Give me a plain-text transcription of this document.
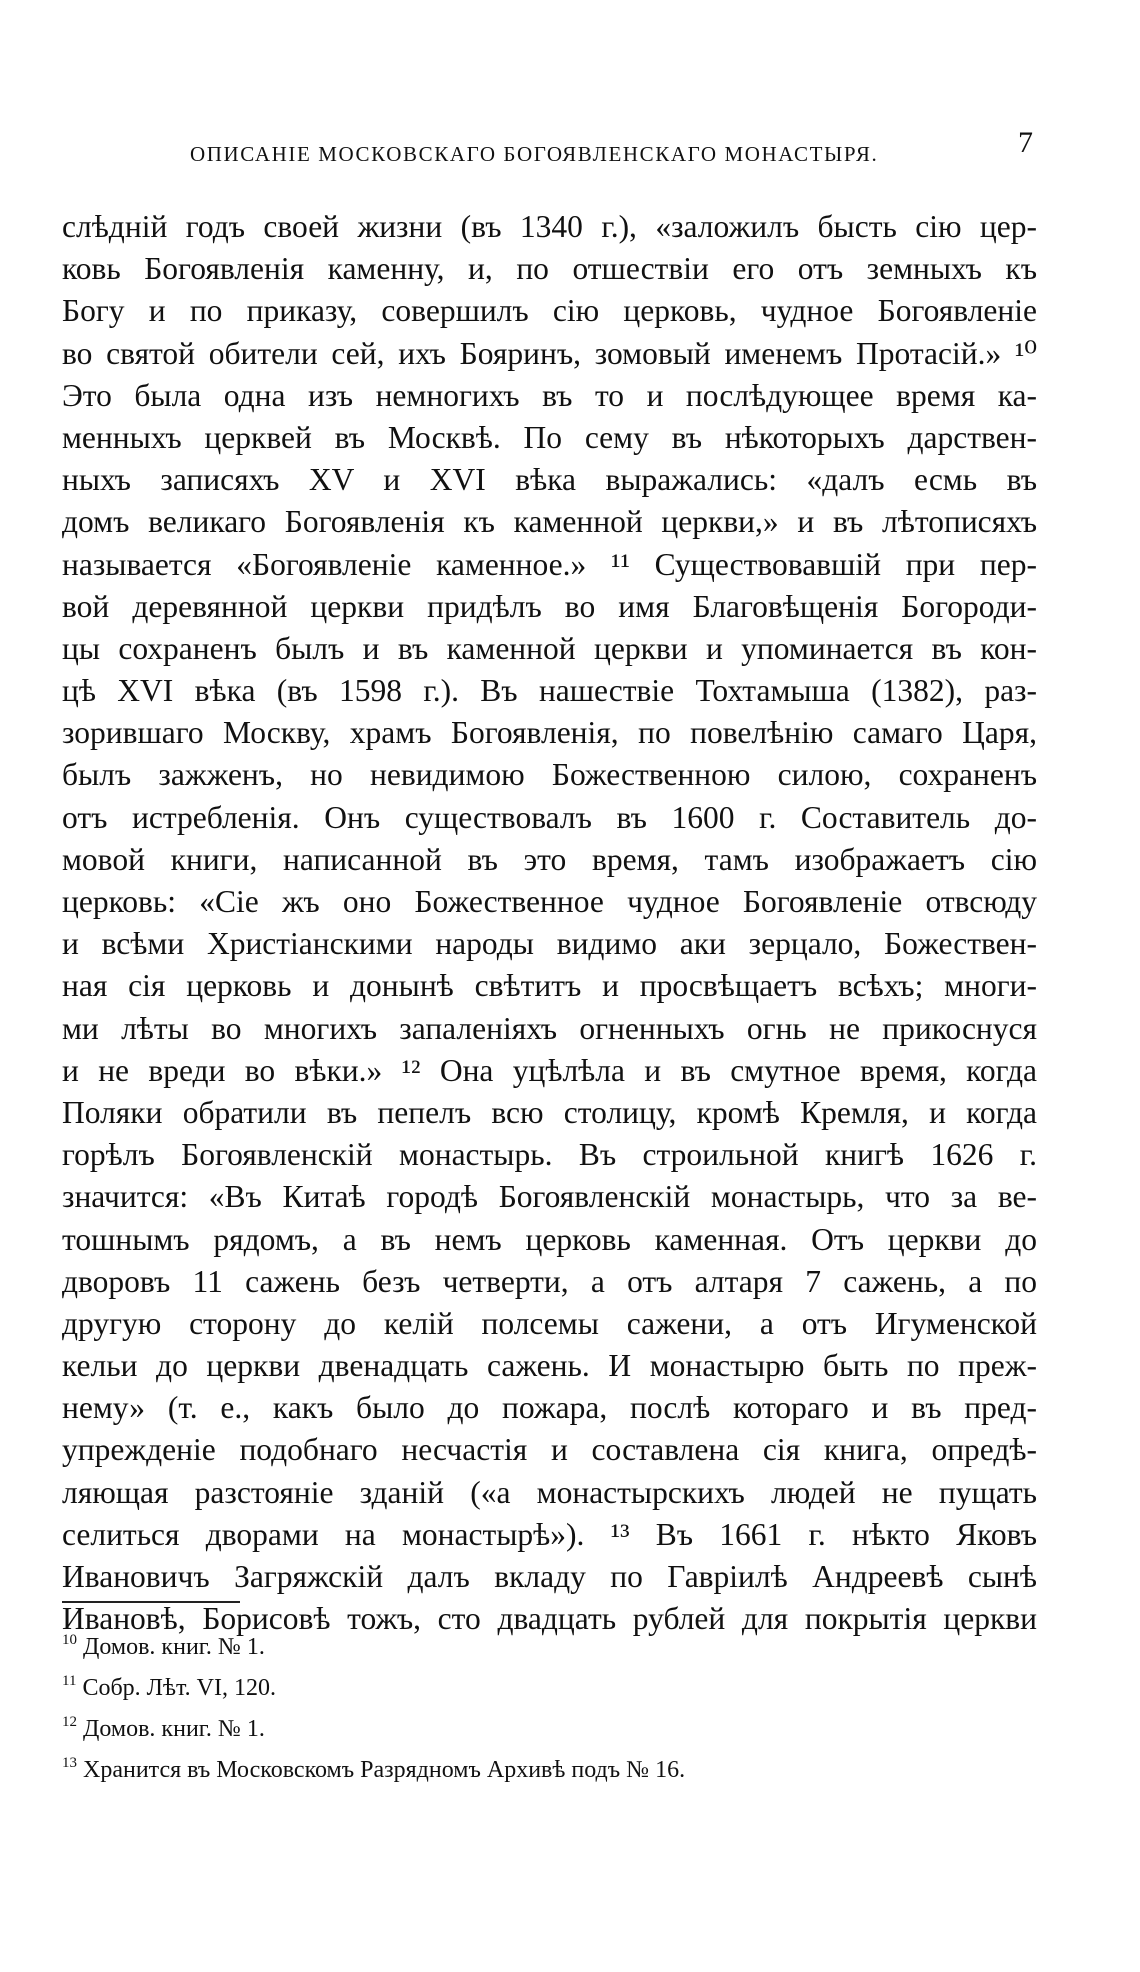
ОПИСАНІЕ МОСКОВСКАГО БОГОЯВЛЕНСКАГО МОНАСТЫРЯ.	7
слѣдній годъ своей жизни (въ 1340 г.), «заложилъ бысть сію цер-
ковь Богоявленія каменну, и, по отшествіи его отъ земныхъ къ
Богу и по приказу, совершилъ сію церковь, чудное Богоявленіе
во святой обители сей, ихъ Бояринъ, зомовый именемъ Протасій.» ¹⁰
Это была одна изъ немногихъ въ то и послѣдующее время ка-
менныхъ церквей въ Москвѣ. По сему въ нѣкоторыхъ дарствен-
ныхъ записяхъ XV и XVI вѣка выражались: «далъ есмь въ
домъ великаго Богоявленія къ каменной церкви,» и въ лѣтописяхъ
называется «Богоявленіе каменное.» ¹¹ Существовавшій при пер-
вой деревянной церкви придѣлъ во имя Благовѣщенія Богороди-
цы сохраненъ былъ и въ каменной церкви и упоминается въ кон-
цѣ XVI вѣка (въ 1598 г.). Въ нашествіе Тохтамыша (1382), раз-
зорившаго Москву, храмъ Богоявленія, по повелѣнію самаго Царя,
былъ зажженъ, но невидимою Божественною силою, сохраненъ
отъ истребленія. Онъ существовалъ въ 1600 г. Составитель до-
мовой книги, написанной въ это время, тамъ изображаетъ сію
церковь: «Сіе жъ оно Божественное чудное Богоявленіе отвсюду
и всѣми Христіанскими народы видимо аки зерцало, Божествен-
ная сія церковь и донынѣ свѣтитъ и просвѣщаетъ всѣхъ; многи-
ми лѣты во многихъ запаленіяхъ огненныхъ огнь не прикоснуся
и не вреди во вѣки.» ¹² Она уцѣлѣла и въ смутное время, когда
Поляки обратили въ пепелъ всю столицу, кромѣ Кремля, и когда
горѣлъ Богоявленскій монастырь. Въ строильной книгѣ 1626 г.
значится: «Въ Китаѣ городѣ Богоявленскій монастырь, что за ве-
тошнымъ рядомъ, а въ немъ церковь каменная. Отъ церкви до
дворовъ 11 сажень безъ четверти, а отъ алтаря 7 сажень, а по
другую сторону до келій полсемы сажени, а отъ Игуменской
кельи до церкви двенадцать сажень. И монастырю быть по преж-
нему» (т. е., какъ было до пожара, послѣ котораго и въ пред-
упрежденіе подобнаго несчастія и составлена сія книга, опредѣ-
ляющая разстояніе зданій («а монастырскихъ людей не пущать
селиться дворами на монастырѣ»). ¹³ Въ 1661 г. нѣкто Яковъ
Ивановичъ Загряжскій далъ вкладу по Гавріилѣ Андреевѣ сынѣ
Ивановѣ, Борисовѣ тожъ, сто двадцать рублей для покрытія церкви
$^{10}$ Домов. книг. № 1.
$^{11}$ Собр. Лѣт. VI, 120.
$^{12}$ Домов. книг. № 1.
$^{13}$ Хранится въ Московскомъ Разрядномъ Архивѣ подъ № 16.
